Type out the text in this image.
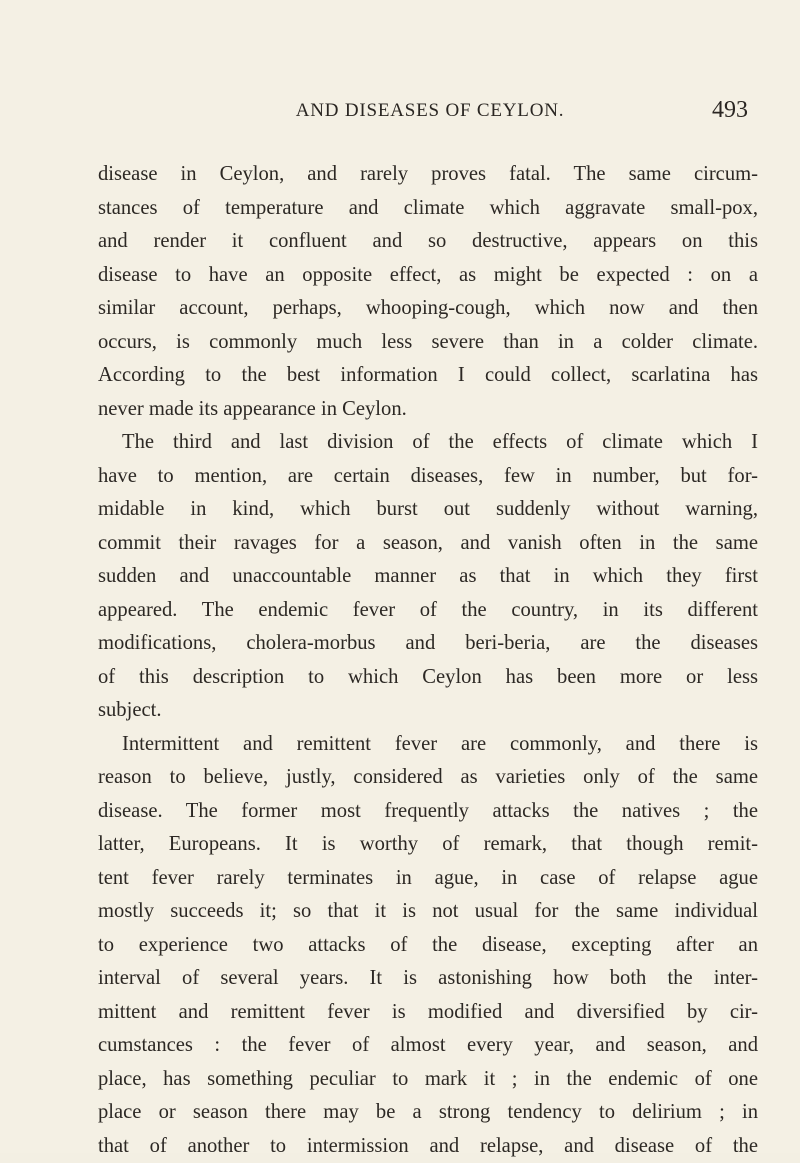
AND DISEASES OF CEYLON.	493
disease in Ceylon, and rarely proves fatal. The same circum-
stances of temperature and climate which aggravate small-pox,
and render it confluent and so destructive, appears on this
disease to have an opposite effect, as might be expected : on a
similar account, perhaps, whooping-cough, which now and then
occurs, is commonly much less severe than in a colder climate.
According to the best information I could collect, scarlatina has
never made its appearance in Ceylon.
The third and last division of the effects of climate which I
have to mention, are certain diseases, few in number, but for-
midable in kind, which burst out suddenly without warning,
commit their ravages for a season, and vanish often in the same
sudden and unaccountable manner as that in which they first
appeared. The endemic fever of the country, in its different
modifications, cholera-morbus and beri-beria, are the diseases
of this description to which Ceylon has been more or less
subject.
Intermittent and remittent fever are commonly, and there is
reason to believe, justly, considered as varieties only of the same
disease. The former most frequently attacks the natives ; the
latter, Europeans. It is worthy of remark, that though remit-
tent fever rarely terminates in ague, in case of relapse ague
mostly succeeds it; so that it is not usual for the same individual
to experience two attacks of the disease, excepting after an
interval of several years. It is astonishing how both the inter-
mittent and remittent fever is modified and diversified by cir-
cumstances : the fever of almost every year, and season, and
place, has something peculiar to mark it ; in the endemic of one
place or season there may be a strong tendency to delirium ; in
that of another to intermission and relapse, and disease of the
